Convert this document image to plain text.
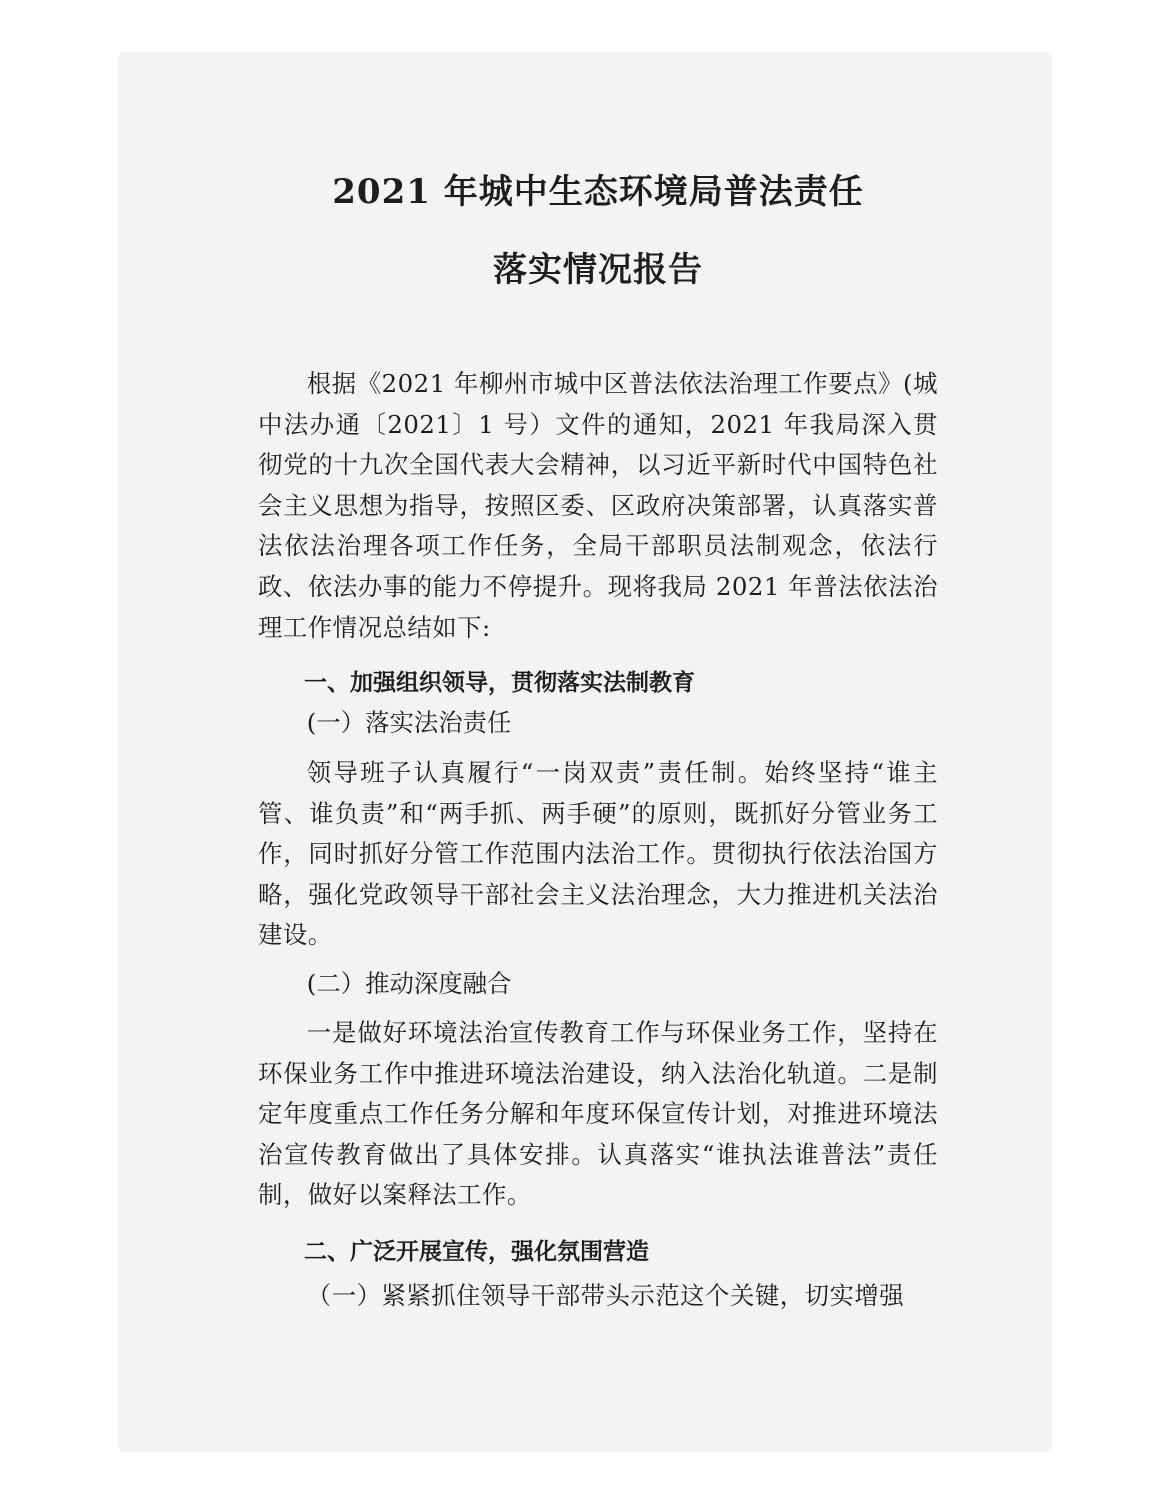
2021 年城中生态环境局普法责任
落实情况报告

根据《2021 年柳州市城中区普法依法治理工作要点》(城中法办通〔2021〕1 号）文件的通知，2021 年我局深入贯彻党的十九次全国代表大会精神，以习近平新时代中国特色社会主义思想为指导，按照区委、区政府决策部署，认真落实普法依法治理各项工作任务，全局干部职员法制观念，依法行政、依法办事的能力不停提升。现将我局 2021 年普法依法治理工作情况总结如下:

一、加强组织领导，贯彻落实法制教育

(一）落实法治责任

领导班子认真履行“一岗双责”责任制。始终坚持“谁主管、谁负责”和“两手抓、两手硬”的原则，既抓好分管业务工作，同时抓好分管工作范围内法治工作。贯彻执行依法治国方略，强化党政领导干部社会主义法治理念，大力推进机关法治建设。

(二）推动深度融合

一是做好环境法治宣传教育工作与环保业务工作，坚持在环保业务工作中推进环境法治建设，纳入法治化轨道。二是制定年度重点工作任务分解和年度环保宣传计划，对推进环境法治宣传教育做出了具体安排。认真落实“谁执法谁普法”责任制，做好以案释法工作。

二、广泛开展宣传，强化氛围营造

（一）紧紧抓住领导干部带头示范这个关键，切实增强
